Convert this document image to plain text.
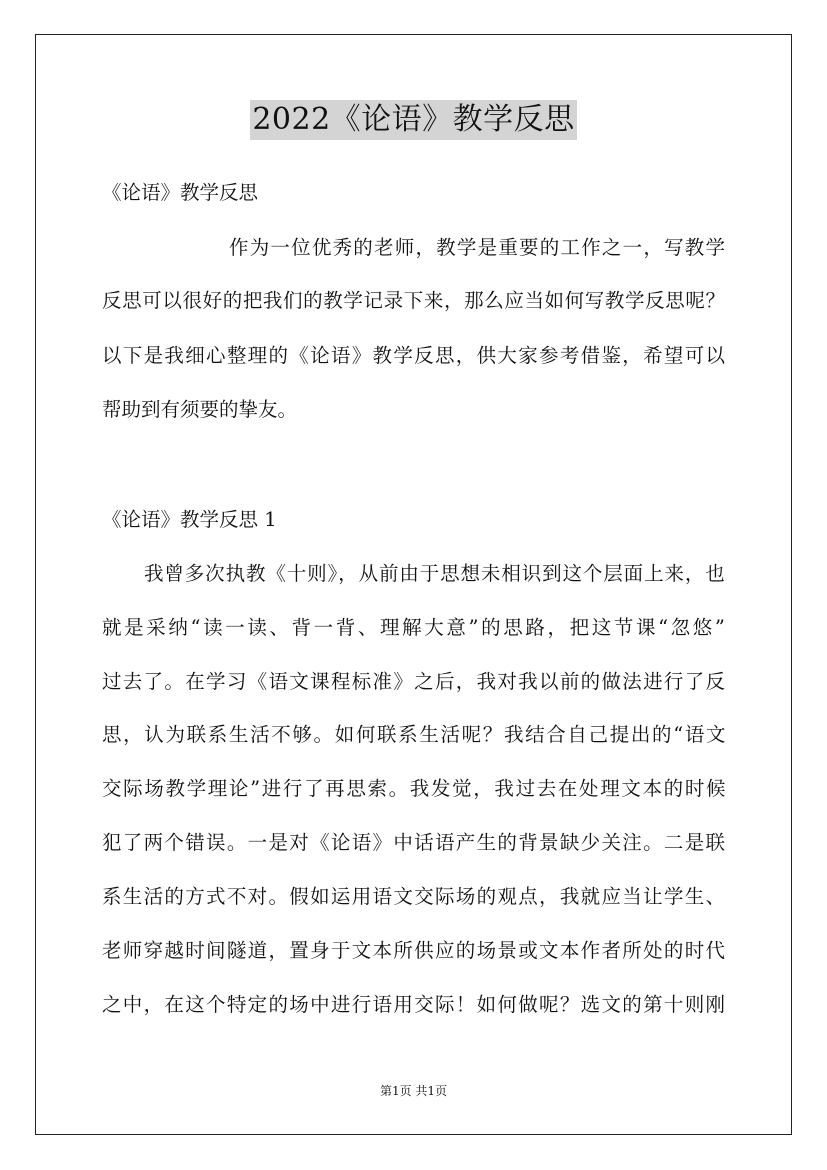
2022《论语》教学反思
《论语》教学反思
作为一位优秀的老师，教学是重要的工作之一，写教学
反思可以很好的把我们的教学记录下来，那么应当如何写教学反思呢？
以下是我细心整理的《论语》教学反思，供大家参考借鉴，希望可以
帮助到有须要的挚友。
《论语》教学反思 1
我曾多次执教《十则》，从前由于思想未相识到这个层面上来，也
就是采纳“读一读、背一背、理解大意”的思路，把这节课“忽悠”
过去了。在学习《语文课程标准》之后，我对我以前的做法进行了反
思，认为联系生活不够。如何联系生活呢？我结合自己提出的“语文
交际场教学理论”进行了再思索。我发觉，我过去在处理文本的时候
犯了两个错误。一是对《论语》中话语产生的背景缺少关注。二是联
系生活的方式不对。假如运用语文交际场的观点，我就应当让学生、
老师穿越时间隧道，置身于文本所供应的场景或文本作者所处的时代
之中，在这个特定的场中进行语用交际！如何做呢？选文的第十则刚
第1页 共1页
